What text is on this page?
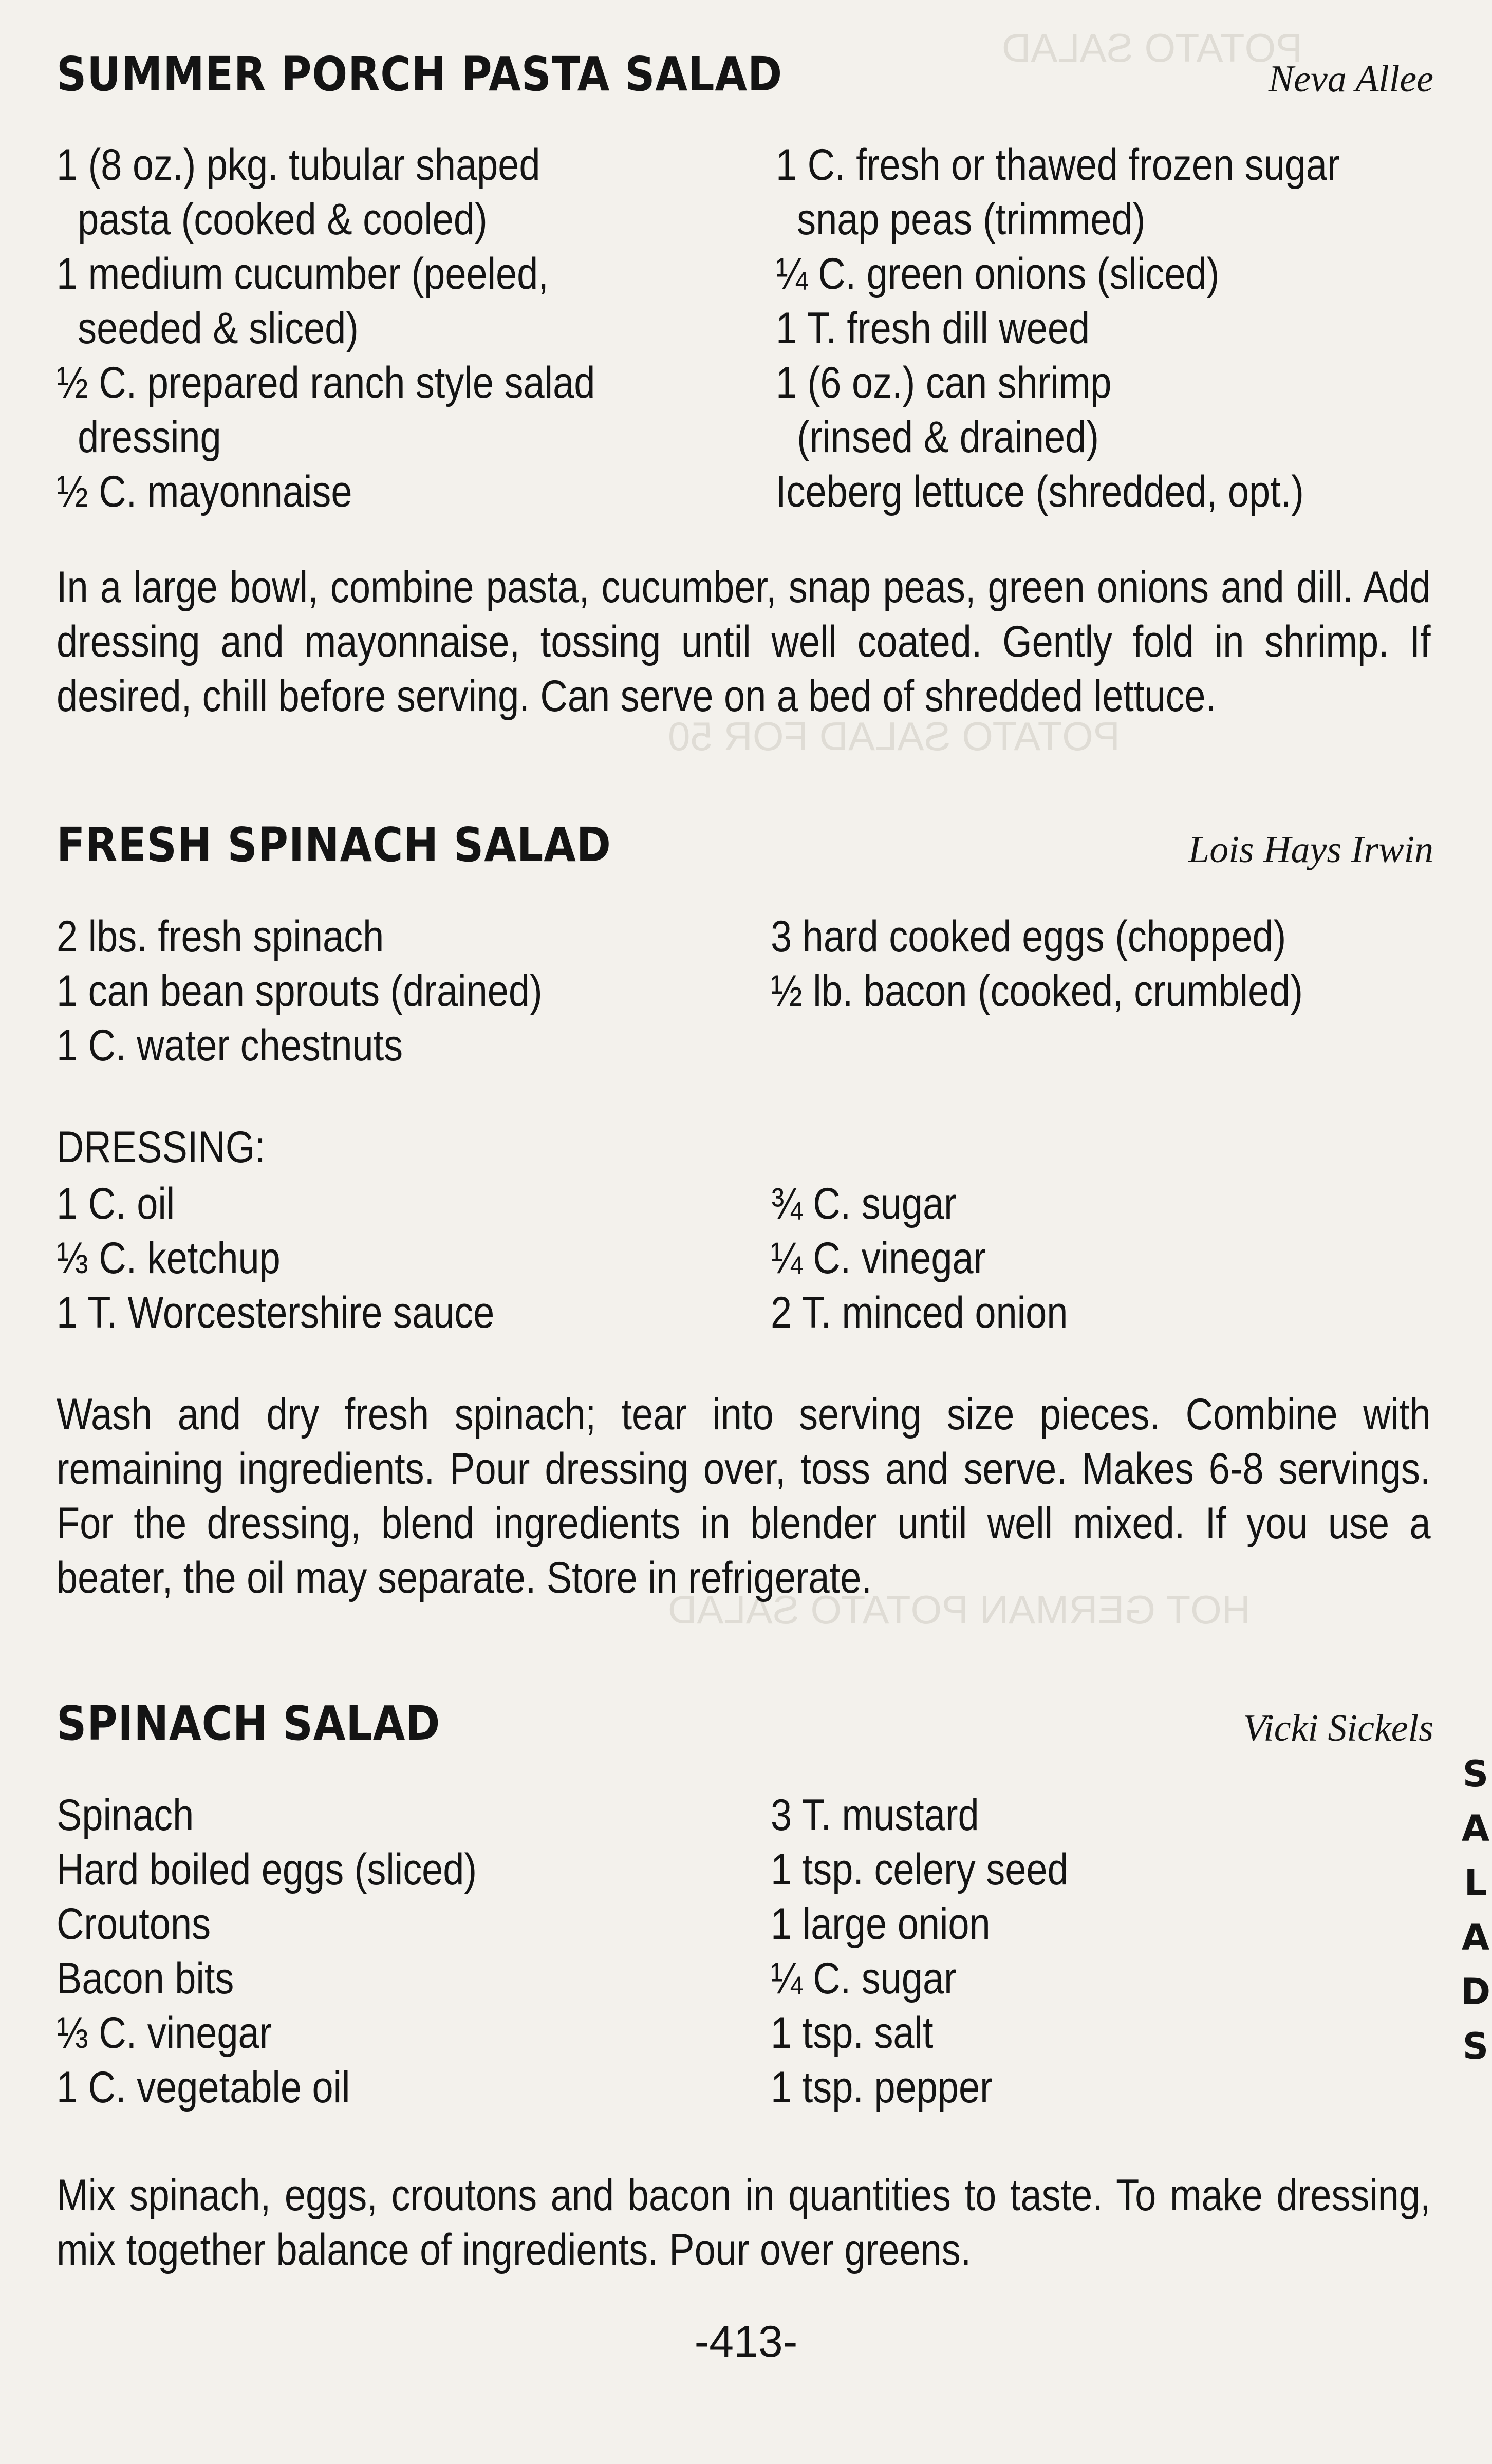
POTATO SALAD
POTATO SALAD FOR 50
HOT GERMAN POTATO SALAD
SUMMER PORCH PASTA SALAD	Neva Allee
1 (8 oz.) pkg. tubular shaped
pasta (cooked & cooled)
1 medium cucumber (peeled,
seeded & sliced)
½ C. prepared ranch style salad
dressing
½ C. mayonnaise
1 C. fresh or thawed frozen sugar
snap peas (trimmed)
¼ C. green onions (sliced)
1 T. fresh dill weed
1 (6 oz.) can shrimp
(rinsed & drained)
Iceberg lettuce (shredded, opt.)
In a large bowl, combine pasta, cucumber, snap peas, green onions and dill. Add dressing and mayonnaise, tossing until well coated. Gently fold in shrimp. If desired, chill before serving. Can serve on a bed of shredded lettuce.
FRESH SPINACH SALAD	Lois Hays Irwin
2 lbs. fresh spinach
1 can bean sprouts (drained)
1 C. water chestnuts
3 hard cooked eggs (chopped)
½ lb. bacon (cooked, crumbled)
DRESSING:
1 C. oil
⅓ C. ketchup
1 T. Worcestershire sauce
¾ C. sugar
¼ C. vinegar
2 T. minced onion
Wash and dry fresh spinach; tear into serving size pieces. Combine with remaining ingredients. Pour dressing over, toss and serve. Makes 6-8 servings. For the dressing, blend ingredients in blender until well mixed. If you use a beater, the oil may separate. Store in refrigerate.
SPINACH SALAD	Vicki Sickels
Spinach
Hard boiled eggs (sliced)
Croutons
Bacon bits
⅓ C. vinegar
1 C. vegetable oil
3 T. mustard
1 tsp. celery seed
1 large onion
¼ C. sugar
1 tsp. salt
1 tsp. pepper
Mix spinach, eggs, croutons and bacon in quantities to taste. To make dressing, mix together balance of ingredients. Pour over greens.
S
A
L
A
D
S
-413-
